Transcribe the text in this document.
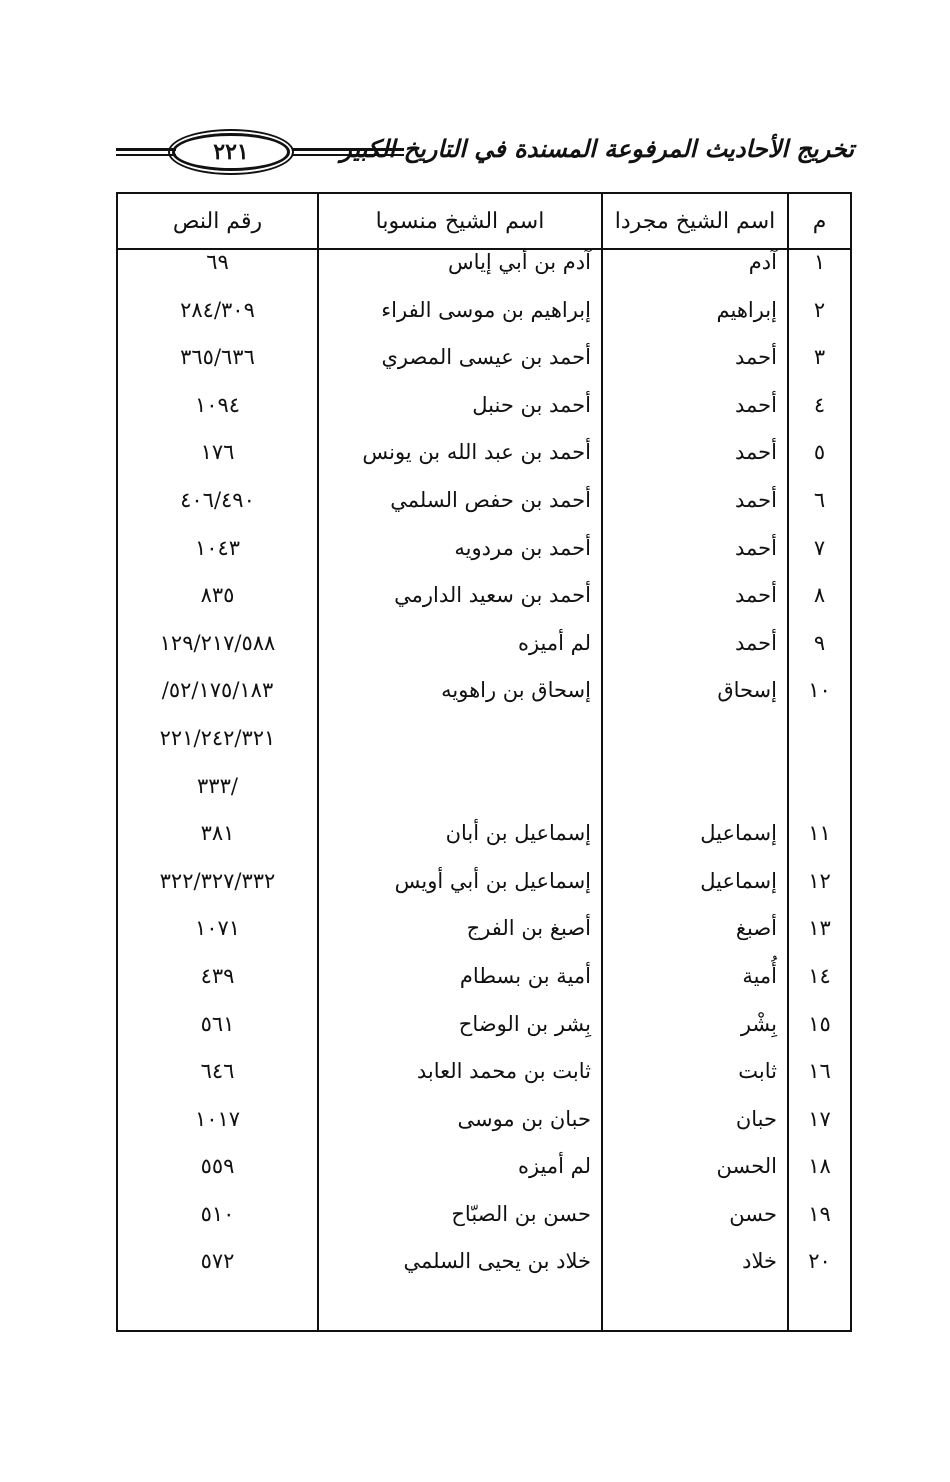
تخريج الأحاديث المرفوعة المسندة في التاريخ الكبير
٢٢١
م	اسم الشيخ مجردا	اسم الشيخ منسوبا	رقم النص
١	آدم	آدم بن أبي إياس	٦٩
٢	إبراهيم	إبراهيم بن موسى الفراء	٢٨٤/٣٠٩
٣	أحمد	أحمد بن عيسى المصري	٣٦٥/٦٣٦
٤	أحمد	أحمد بن حنبل	١٠٩٤
٥	أحمد	أحمد بن عبد الله بن يونس	١٧٦
٦	أحمد	أحمد بن حفص السلمي	٤٠٦/٤٩٠
٧	أحمد	أحمد بن مردويه	١٠٤٣
٨	أحمد	أحمد بن سعيد الدارمي	٨٣٥
٩	أحمد	لم أميزه	١٢٩/٢١٧/٥٨٨
١٠	إسحاق	إسحاق بن راهويه	٥٢/١٧٥/١٨٣/
			٢٢١/٢٤٢/٣٢١
			/٣٣٣
١١	إسماعيل	إسماعيل بن أبان	٣٨١
١٢	إسماعيل	إسماعيل بن أبي أويس	٣٢٢/٣٢٧/٣٣٢
١٣	أصبغ	أصبغ بن الفرج	١٠٧١
١٤	أُمية	أمية بن بسطام	٤٣٩
١٥	بِشْر	بِشر بن الوضاح	٥٦١
١٦	ثابت	ثابت بن محمد العابد	٦٤٦
١٧	حبان	حبان بن موسى	١٠١٧
١٨	الحسن	لم أميزه	٥٥٩
١٩	حسن	حسن بن الصبّاح	٥١٠
٢٠	خلاد	خلاد بن يحيى السلمي	٥٧٢
